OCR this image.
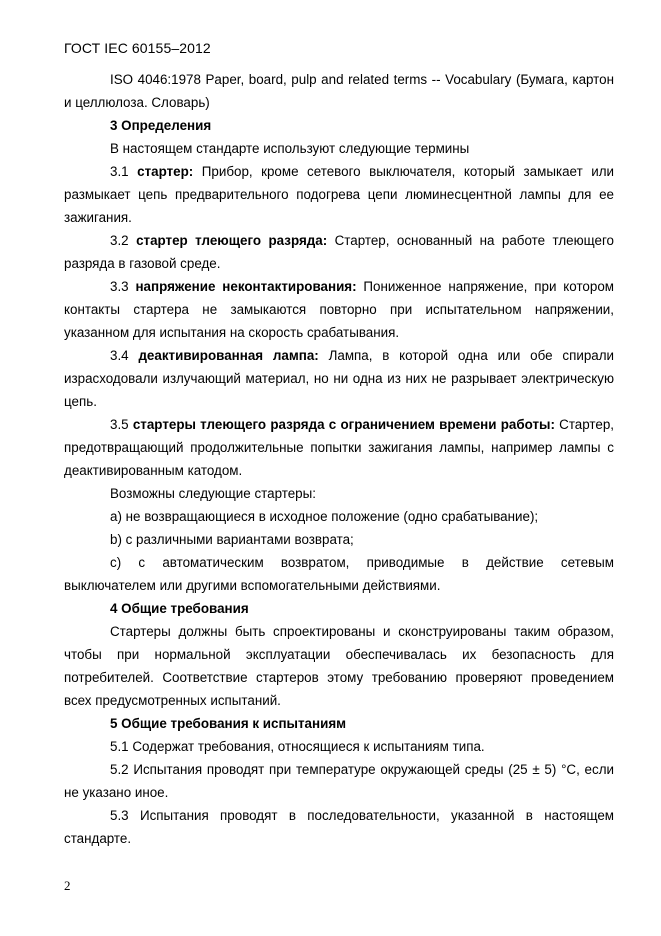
ГОСТ IEC 60155–2012

ISO 4046:1978 Paper, board, pulp and related terms -- Vocabulary (Бумага, картон и целлюлоза. Словарь)

3 Определения

В настоящем стандарте используют следующие термины

3.1 стартер: Прибор, кроме сетевого выключателя, который замыкает или размыкает цепь предварительного подогрева цепи люминесцентной лампы для ее зажигания.

3.2 стартер тлеющего разряда: Стартер, основанный на работе тлеющего разряда в газовой среде.

3.3 напряжение неконтактирования: Пониженное напряжение, при котором контакты стартера не замыкаются повторно при испытательном напряжении, указанном для испытания на скорость срабатывания.

3.4 деактивированная лампа: Лампа, в которой одна или обе спирали израсходовали излучающий материал, но ни одна из них не разрывает электрическую цепь.

3.5 стартеры тлеющего разряда с ограничением времени работы: Стартер, предотвращающий продолжительные попытки зажигания лампы, например лампы с деактивированным катодом.

Возможны следующие стартеры:

а) не возвращающиеся в исходное положение (одно срабатывание);

b) с различными вариантами возврата;

с) с автоматическим возвратом, приводимые в действие сетевым выключателем или другими вспомогательными действиями.

4 Общие требования

Стартеры должны быть спроектированы и сконструированы таким образом, чтобы при нормальной эксплуатации обеспечивалась их безопасность для потребителей. Соответствие стартеров этому требованию проверяют проведением всех предусмотренных испытаний.

5 Общие требования к испытаниям

5.1 Содержат требования, относящиеся к испытаниям типа.

5.2 Испытания проводят при температуре окружающей среды (25 ± 5) °С, если не указано иное.

5.3 Испытания проводят в последовательности, указанной в настоящем стандарте.

2
